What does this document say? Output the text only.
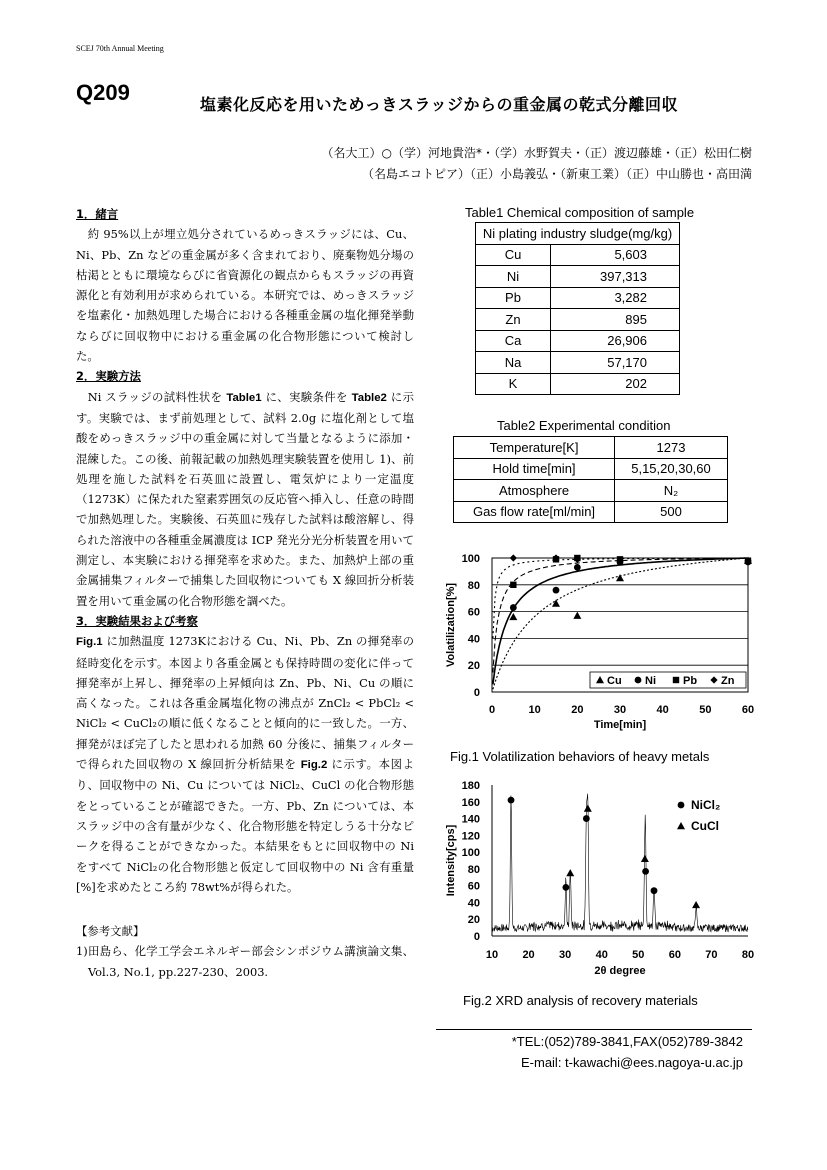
SCEJ 70th Annual Meeting
Q209	塩素化反応を用いためっきスラッジからの重金属の乾式分離回収
（名大工）○（学）河地貴浩*・（学）水野賀夫・（正）渡辺藤雄・（正）松田仁樹
（名島エコトピア）（正）小島義弘・（新東工業）（正）中山勝也・高田満
1．緒言

　約 95%以上が埋立処分されているめっきスラッジには、Cu、Ni、Pb、Zn などの重金属が多く含まれており、廃棄物処分場の枯渇とともに環境ならびに省資源化の観点からもスラッジの再資源化と有効利用が求められている。本研究では、めっきスラッジを塩素化・加熱処理した場合における各種重金属の塩化揮発挙動ならびに回収物中における重金属の化合物形態について検討した。

2．実験方法

　Ni スラッジの試料性状を Table1 に、実験条件を Table2 に示す。実験では、まず前処理として、試料 2.0g に塩化剤として塩酸をめっきスラッジ中の重金属に対して当量となるように添加・混練した。この後、前報記載の加熱処理実験装置を使用し 1)、前処理を施した試料を石英皿に設置し、電気炉により一定温度（1273K）に保たれた窒素雰囲気の反応管へ挿入し、任意の時間で加熱処理した。実験後、石英皿に残存した試料は酸溶解し、得られた溶液中の各種重金属濃度は ICP 発光分光分析装置を用いて測定し、本実験における揮発率を求めた。また、加熱炉上部の重金属捕集フィルターで捕集した回収物についても X 線回折分析装置を用いて重金属の化合物形態を調べた。

3．実験結果および考察

Fig.1 に加熱温度 1273Kにおける Cu、Ni、Pb、Zn の揮発率の経時変化を示す。本図より各重金属とも保持時間の変化に伴って揮発率が上昇し、揮発率の上昇傾向は Zn、Pb、Ni、Cu の順に高くなった。これは各重金属塩化物の沸点が ZnCl₂ < PbCl₂ < NiCl₂ < CuCl₂の順に低くなることと傾向的に一致した。一方、揮発がほぼ完了したと思われる加熱 60 分後に、捕集フィルターで得られた回収物の X 線回折分析結果を Fig.2 に示す。本図より、回収物中の Ni、Cu については NiCl₂、CuCl の化合物形態をとっていることが確認できた。一方、Pb、Zn については、本スラッジ中の含有量が少なく、化合物形態を特定しうる十分なピークを得ることができなかった。本結果をもとに回収物中の Ni をすべて NiCl₂の化合物形態と仮定して回収物中の Ni 含有重量[%]を求めたところ約 78wt%が得られた。

【参考文献】

1)田島ら、化学工学会エネルギー部会シンポジウム講演論文集、Vol.3, No.1, pp.227-230、2003.

Table1 Chemical composition of sample
Ni plating industry sludge(mg/kg)	
Cu	5,603
Ni	397,313
Pb	3,282
Zn	895
Ca	26,906
Na	57,170
K	202
Table2 Experimental condition
Temperature[K]	1273
Hold time[min]	5,15,20,30,60
Atmosphere	N₂
Gas flow rate[ml/min]	500
0
20
40
60
80
100
0	10	20	30	40	50	60
Time[min]
Volatilization[%]
Cu Ni Pb Zn
Fig.1 Volatilization behaviors of heavy metals
0
20
40
60
80
100
120
140
160
180
10 20 30 40 50 60 70 80
2θ degree
Intensity[cps]
NiCl₂
CuCl
Fig.2 XRD analysis of recovery materials
*TEL:(052)789-3841,FAX(052)789-3842
E-mail: t-kawachi@ees.nagoya-u.ac.jp
